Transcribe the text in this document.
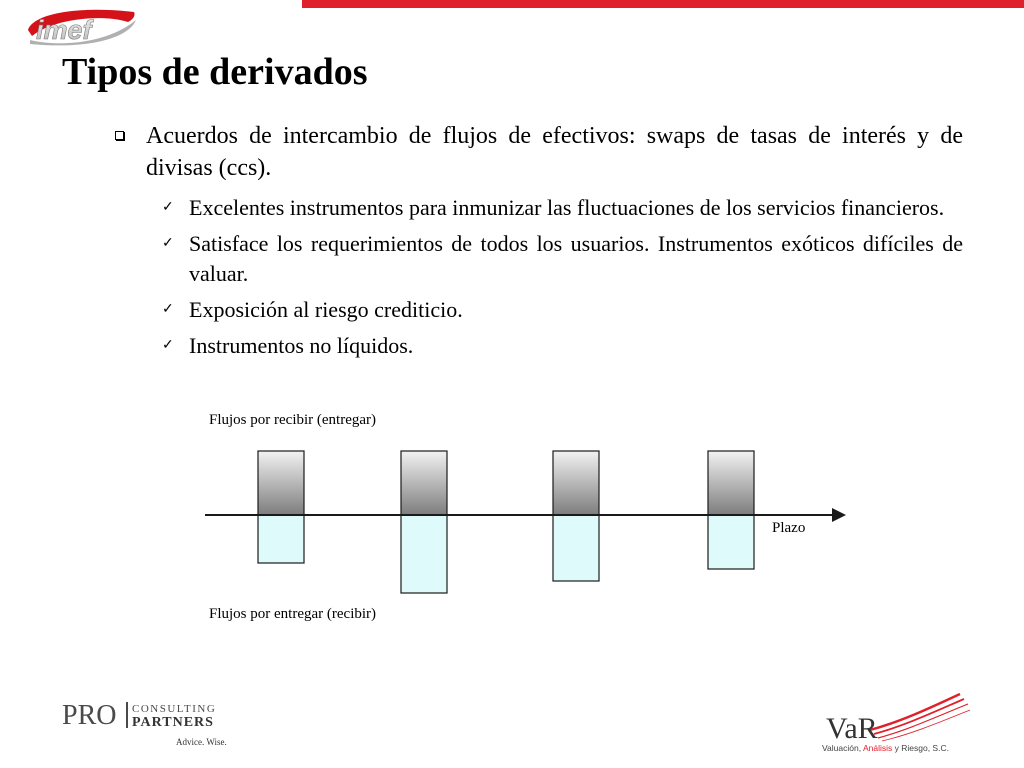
imef
Tipos de derivados
Acuerdos de intercambio de flujos de efectivos: swaps de tasas de interés y de divisas (ccs).
✓ Excelentes instrumentos para inmunizar las fluctuaciones de los servicios financieros.
✓ Satisface los requerimientos de todos los usuarios. Instrumentos exóticos difíciles de valuar.
✓ Exposición al riesgo crediticio.
✓ Instrumentos no líquidos.
Flujos por recibir (entregar)
Flujos por entregar (recibir)
Plazo
PRO CONSULTING
PARTNERS
Advice. Wise.	VaR
Valuación, Análisis y Riesgo, S.C.
